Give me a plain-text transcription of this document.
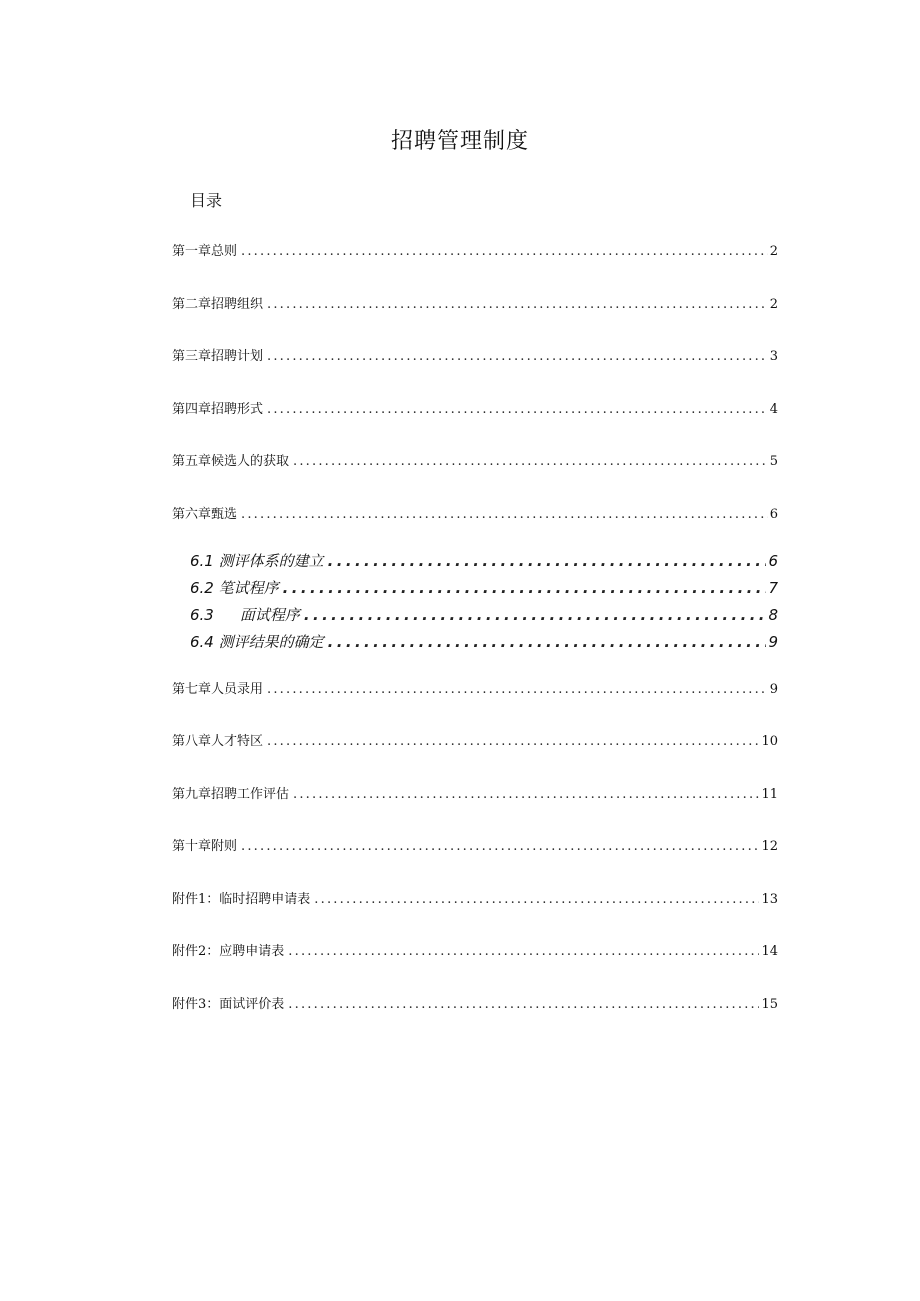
招聘管理制度
目录
第一章总则 .....	2
第二章招聘组织 .....	2
第三章招聘计划 .....	3
第四章招聘形式 .....	4
第五章候选人的获取 .....	5
第六章甄选 .....	6
6.1 测评体系的建立 .....	6
6.2 笔试程序 .....	7
6.3 面试程序 .....	8
6.4 测评结果的确定 .....	9
第七章人员录用 .....	9
第八章人才特区 .....	10
第九章招聘工作评估 .....	11
第十章附则 .....	12
附件1：临时招聘申请表 .....	13
附件2：应聘申请表 .....	14
附件3：面试评价表 .....	15
